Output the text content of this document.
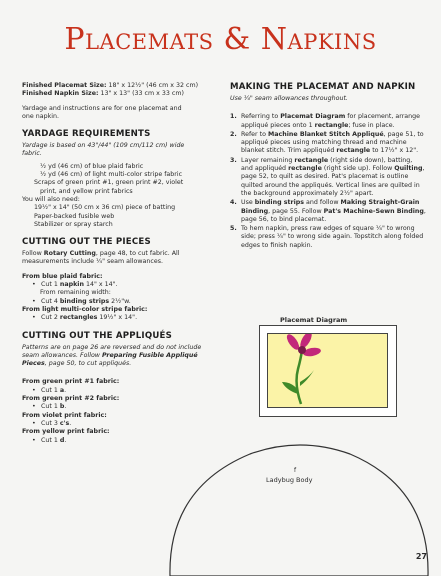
Placemats & Napkins
Finished Placemat Size: 18" x 12½" (46 cm x 32 cm)
Finished Napkin Size: 13" x 13" (33 cm x 33 cm)
Yardage and instructions are for one placemat and
one napkin.
YARDAGE REQUIREMENTS
Yardage is based on 43"/44" (109 cm/112 cm) wide
fabric.
½ yd (46 cm) of blue plaid fabric
½ yd (46 cm) of light multi-color stripe fabric
Scraps of green print #1, green print #2, violet
print, and yellow print fabrics
You will also need:
19½" x 14" (50 cm x 36 cm) piece of batting
Paper-backed fusible web
Stabilizer or spray starch
CUTTING OUT THE PIECES
Follow Rotary Cutting, page 48, to cut fabric. All
measurements include ¼" seam allowances.
From blue plaid fabric:
• Cut 1 napkin 14" x 14".
From remaining width:
• Cut 4 binding strips 2½"w.
From light multi-color stripe fabric:
• Cut 2 rectangles 19½" x 14".
CUTTING OUT THE APPLIQUÉS
Patterns are on page 26 are reversed and do not include
seam allowances. Follow Preparing Fusible Appliqué
Pieces, page 50, to cut appliqués.
From green print #1 fabric:
• Cut 1 a.
From green print #2 fabric:
• Cut 1 b.
From violet print fabric:
• Cut 3 c's.
From yellow print fabric:
• Cut 1 d.
MAKING THE PLACEMAT AND NAPKIN
Use ¼" seam allowances throughout.
1. Referring to Placemat Diagram for placement, arrange appliqué pieces onto 1 rectangle; fuse in place.
2. Refer to Machine Blanket Stitch Appliqué, page 51, to appliqué pieces using matching thread and machine blanket stitch. Trim appliquéd rectangle to 17½" x 12".
3. Layer remaining rectangle (right side down), batting, and appliquéd rectangle (right side up). Follow Quilting, page 52, to quilt as desired. Pat's placemat is outline quilted around the appliqués. Vertical lines are quilted in the background approximately 2½" apart.
4. Use binding strips and follow Making Straight-Grain Binding, page 55. Follow Pat's Machine-Sewn Binding, page 56, to bind placemat.
5. To hem napkin, press raw edges of square ¼" to wrong side; press ¼" to wrong side again. Topstitch along folded edges to finish napkin.
Placemat Diagram
f
Ladybug Body
27
